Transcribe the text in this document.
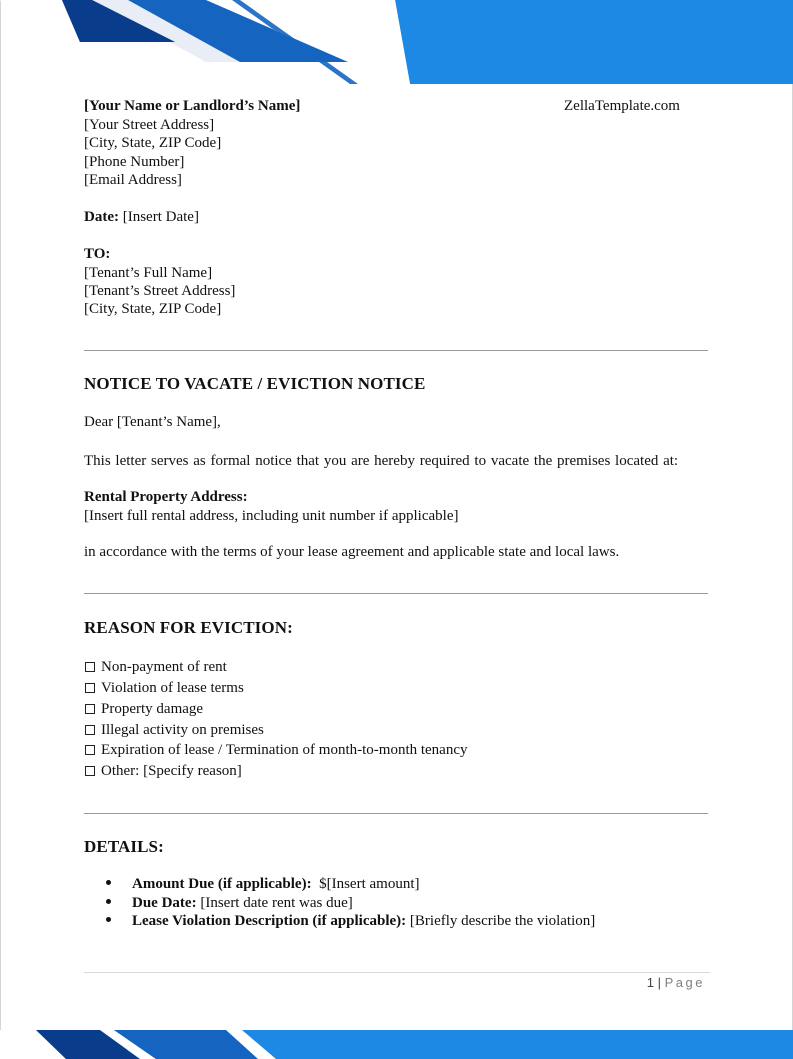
[Your Name or Landlord’s Name]	ZellaTemplate.com
[Your Street Address]
[City, State, ZIP Code]
[Phone Number]
[Email Address]
Date: [Insert Date]
TO:
[Tenant’s Full Name]
[Tenant’s Street Address]
[City, State, ZIP Code]
NOTICE TO VACATE / EVICTION NOTICE
Dear [Tenant’s Name],
This letter serves as formal notice that you are hereby required to vacate the premises located at:
Rental Property Address:
[Insert full rental address, including unit number if applicable]
in accordance with the terms of your lease agreement and applicable state and local laws.
REASON FOR EVICTION:
Non-payment of rent
Violation of lease terms
Property damage
Illegal activity on premises
Expiration of lease / Termination of month-to-month tenancy
Other: [Specify reason]
DETAILS:
Amount Due (if applicable): $[Insert amount]
Due Date: [Insert date rent was due]
Lease Violation Description (if applicable): [Briefly describe the violation]
1 | Page
